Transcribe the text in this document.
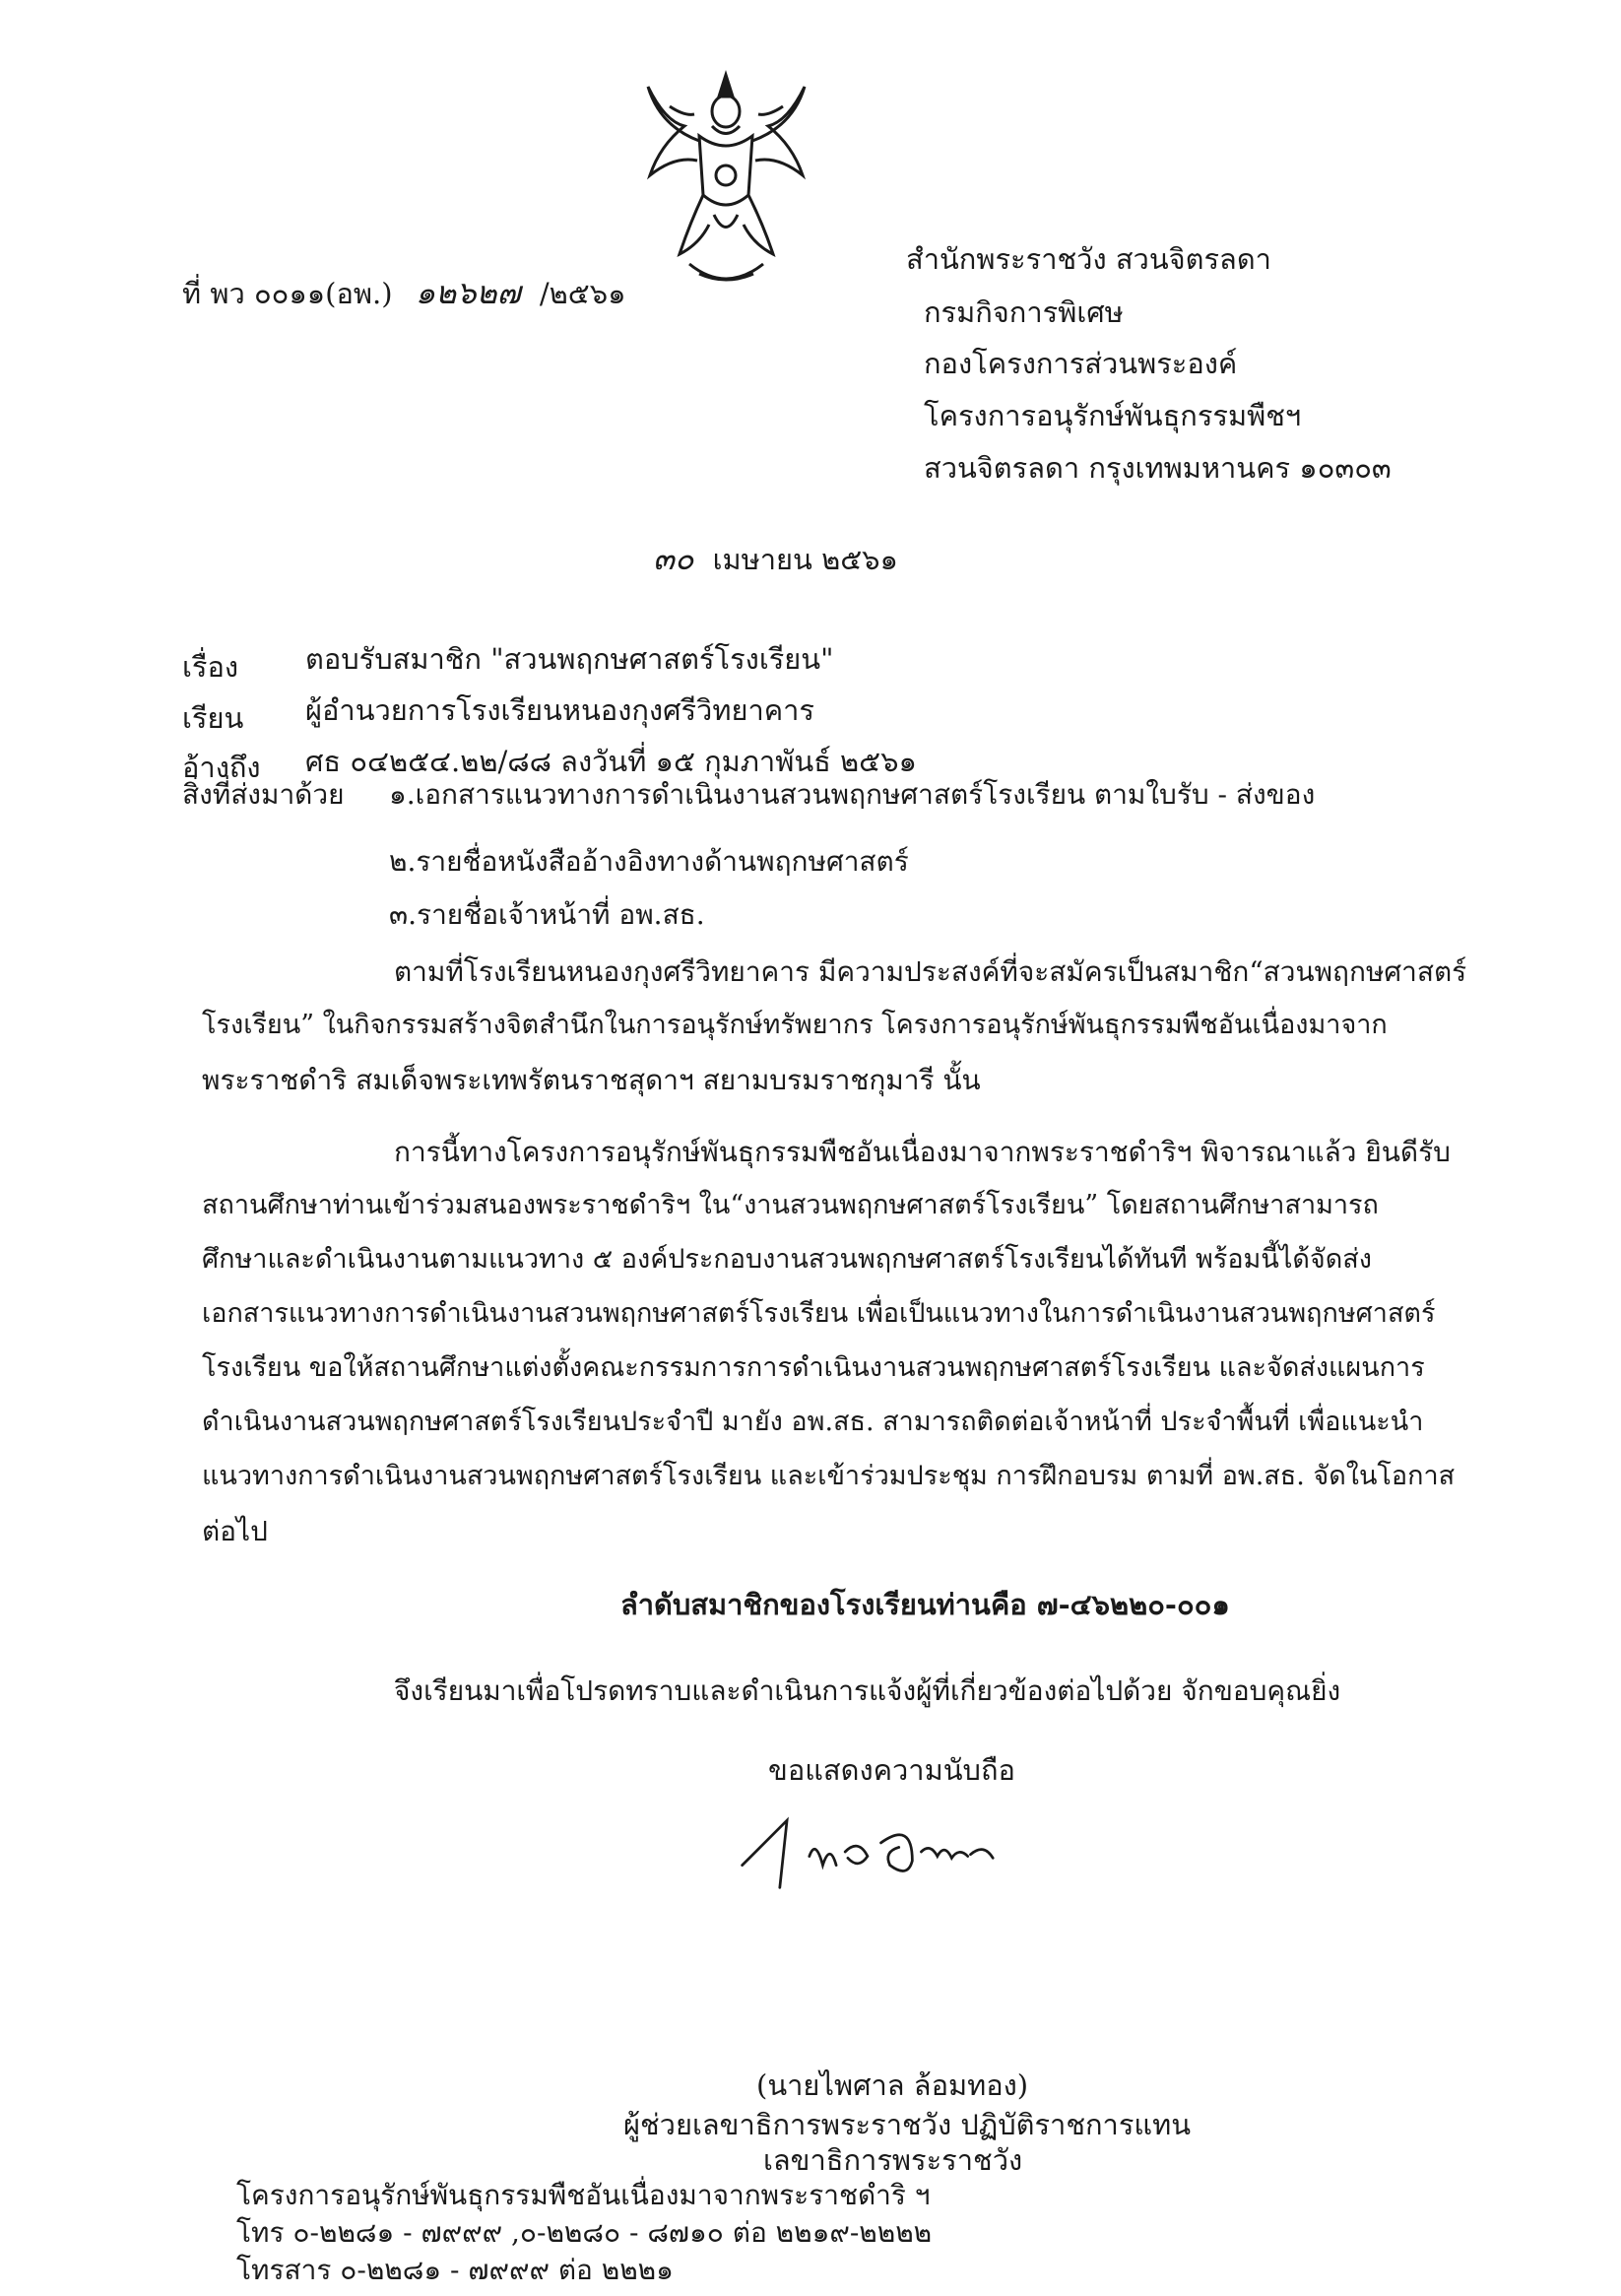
ที่ พว ๐๐๑๑(อพ.) ๑๒๖๒๗ /๒๕๖๑
สำนักพระราชวัง สวนจิตรลดา
กรมกิจการพิเศษ
กองโครงการส่วนพระองค์
โครงการอนุรักษ์พันธุกรรมพืชฯ
สวนจิตรลดา กรุงเทพมหานคร ๑๐๓๐๓
๓๐ เมษายน ๒๕๖๑
เรื่อง ตอบรับสมาชิก "สวนพฤกษศาสตร์โรงเรียน"
เรียน ผู้อำนวยการโรงเรียนหนองกุงศรีวิทยาคาร
อ้างถึง ศธ ๐๔๒๕๔.๒๒/๘๘ ลงวันที่ ๑๕ กุมภาพันธ์ ๒๕๖๑
สิ่งที่ส่งมาด้วย ๑.เอกสารแนวทางการดำเนินงานสวนพฤกษศาสตร์โรงเรียน ตามใบรับ - ส่งของ
๒.รายชื่อหนังสืออ้างอิงทางด้านพฤกษศาสตร์
๓.รายชื่อเจ้าหน้าที่ อพ.สธ.
ตามที่โรงเรียนหนองกุงศรีวิทยาคาร มีความประสงค์ที่จะสมัครเป็นสมาชิก“สวนพฤกษศาสตร์
โรงเรียน” ในกิจกรรมสร้างจิตสำนึกในการอนุรักษ์ทรัพยากร โครงการอนุรักษ์พันธุกรรมพืชอันเนื่องมาจาก
พระราชดำริ สมเด็จพระเทพรัตนราชสุดาฯ สยามบรมราชกุมารี นั้น
การนี้ทางโครงการอนุรักษ์พันธุกรรมพืชอันเนื่องมาจากพระราชดำริฯ พิจารณาแล้ว ยินดีรับ
สถานศึกษาท่านเข้าร่วมสนองพระราชดำริฯ ใน“งานสวนพฤกษศาสตร์โรงเรียน” โดยสถานศึกษาสามารถ
ศึกษาและดำเนินงานตามแนวทาง ๕ องค์ประกอบงานสวนพฤกษศาสตร์โรงเรียนได้ทันที พร้อมนี้ได้จัดส่ง
เอกสารแนวทางการดำเนินงานสวนพฤกษศาสตร์โรงเรียน เพื่อเป็นแนวทางในการดำเนินงานสวนพฤกษศาสตร์
โรงเรียน ขอให้สถานศึกษาแต่งตั้งคณะกรรมการการดำเนินงานสวนพฤกษศาสตร์โรงเรียน และจัดส่งแผนการ
ดำเนินงานสวนพฤกษศาสตร์โรงเรียนประจำปี มายัง อพ.สธ. สามารถติดต่อเจ้าหน้าที่ ประจำพื้นที่ เพื่อแนะนำ
แนวทางการดำเนินงานสวนพฤกษศาสตร์โรงเรียน และเข้าร่วมประชุม การฝึกอบรม ตามที่ อพ.สธ. จัดในโอกาส
ต่อไป
ลำดับสมาชิกของโรงเรียนท่านคือ ๗-๔๖๒๒๐-๐๐๑
จึงเรียนมาเพื่อโปรดทราบและดำเนินการแจ้งผู้ที่เกี่ยวข้องต่อไปด้วย จักขอบคุณยิ่ง
ขอแสดงความนับถือ
(นายไพศาล ล้อมทอง)
ผู้ช่วยเลขาธิการพระราชวัง ปฏิบัติราชการแทน
เลขาธิการพระราชวัง
โครงการอนุรักษ์พันธุกรรมพืชอันเนื่องมาจากพระราชดำริ ฯ
โทร ๐-๒๒๘๑ - ๗๙๙๙ ,๐-๒๒๘๐ - ๘๗๑๐ ต่อ ๒๒๑๙-๒๒๒๒
โทรสาร ๐-๒๒๘๑ - ๗๙๙๙ ต่อ ๒๒๒๑
